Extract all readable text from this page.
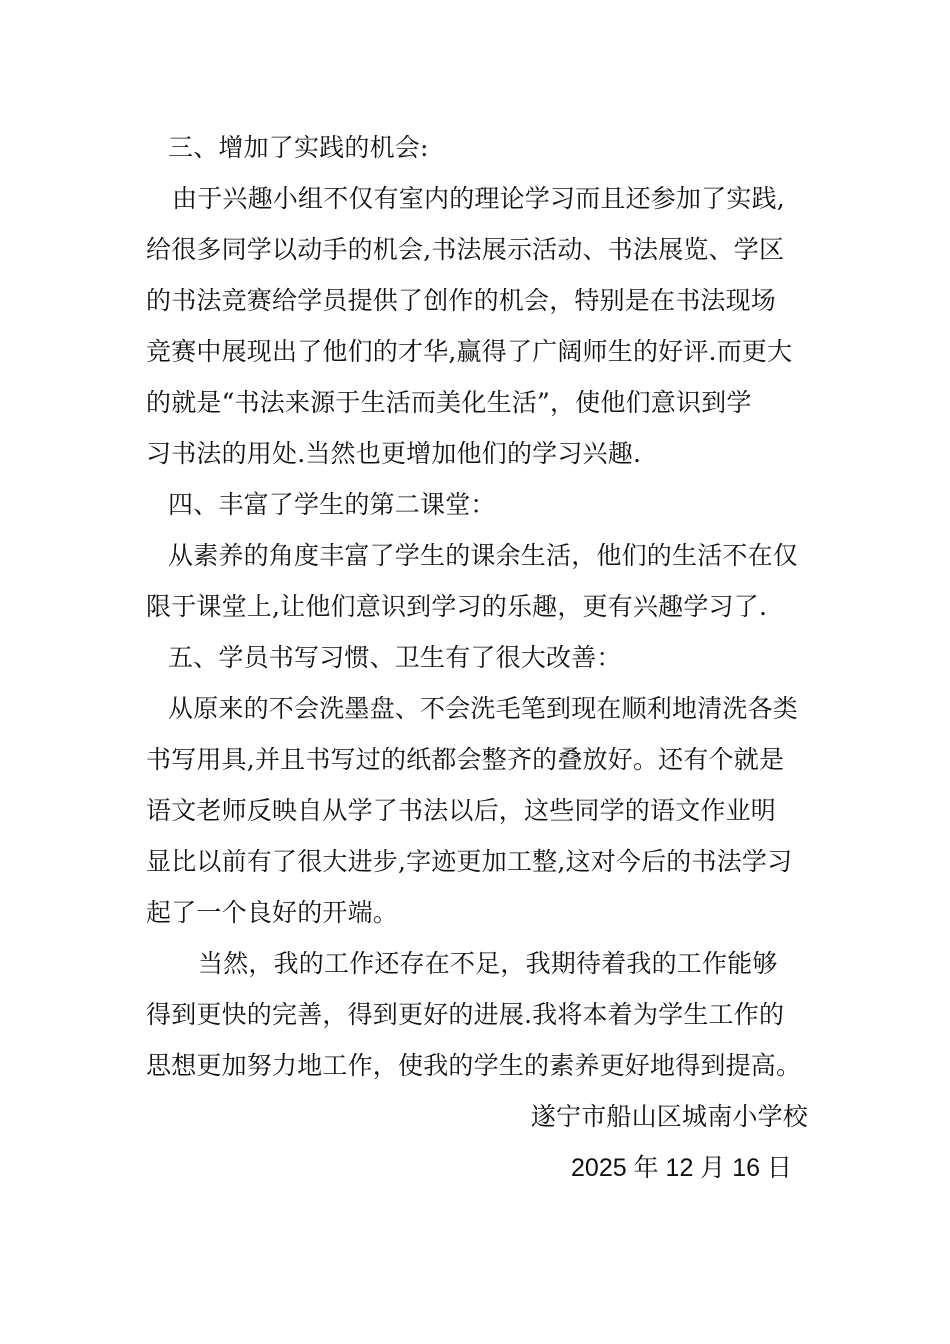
三、增加了实践的机会:
由于兴趣小组不仅有室内的理论学习而且还参加了实践,
给很多同学以动手的机会,书法展示活动、书法展览、学区
的书法竞赛给学员提供了创作的机会，特别是在书法现场
竞赛中展现出了他们的才华,赢得了广阔师生的好评.而更大
的就是“书法来源于生活而美化生活”，使他们意识到学
习书法的用处.当然也更增加他们的学习兴趣.
四、丰富了学生的第二课堂：
从素养的角度丰富了学生的课余生活，他们的生活不在仅
限于课堂上,让他们意识到学习的乐趣，更有兴趣学习了.
五、学员书写习惯、卫生有了很大改善：
从原来的不会洗墨盘、不会洗毛笔到现在顺利地清洗各类
书写用具,并且书写过的纸都会整齐的叠放好。还有个就是
语文老师反映自从学了书法以后，这些同学的语文作业明
显比以前有了很大进步,字迹更加工整,这对今后的书法学习
起了一个良好的开端。
当然，我的工作还存在不足，我期待着我的工作能够
得到更快的完善，得到更好的进展.我将本着为学生工作的
思想更加努力地工作，使我的学生的素养更好地得到提高。
遂宁市船山区城南小学校
2025 年 12 月 16 日
